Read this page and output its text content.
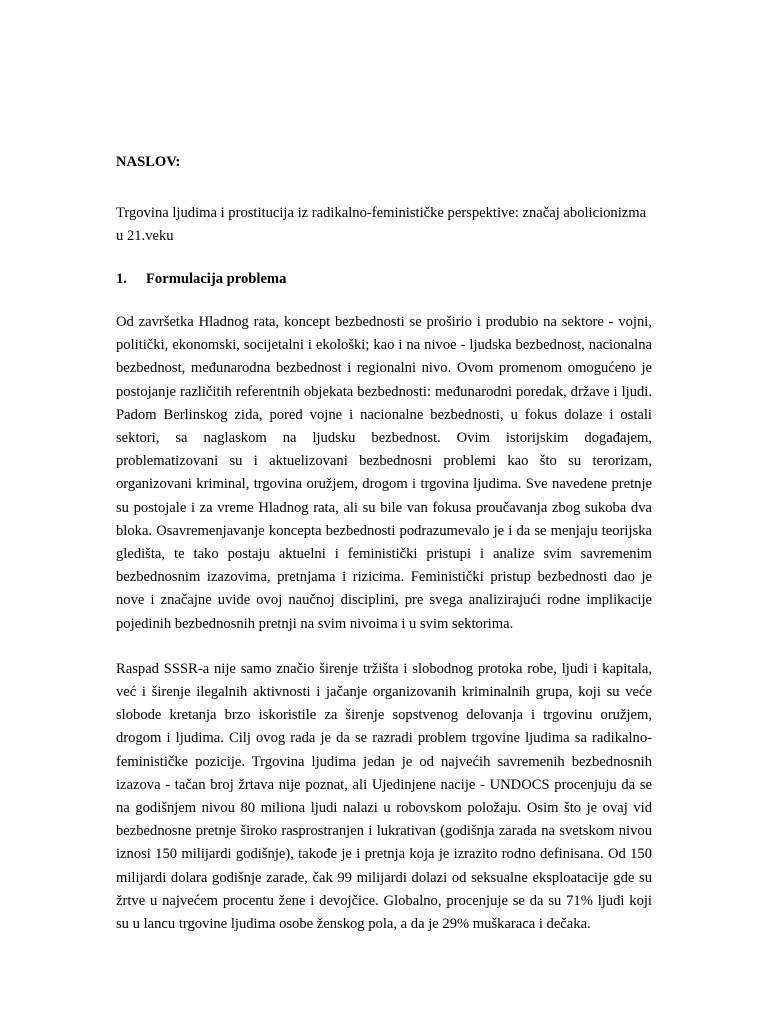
NASLOV:

Trgovina ljudima i prostitucija iz radikalno-feminističke perspektive: značaj abolicionizma u 21.veku

1.	Formulacija problema

Od završetka Hladnog rata, koncept bezbednosti se proširio i produbio na sektore - vojni, politički, ekonomski, socijetalni i ekološki; kao i na nivoe - ljudska bezbednost, nacionalna bezbednost, međunarodna bezbednost i regionalni nivo. Ovom promenom omogućeno je postojanje različitih referentnih objekata bezbednosti: međunarodni poredak, države i ljudi. Padom Berlinskog zida, pored vojne i nacionalne bezbednosti, u fokus dolaze i ostali sektori, sa naglaskom na ljudsku bezbednost. Ovim istorijskim događajem, problematizovani su i aktuelizovani bezbednosni problemi kao što su terorizam, organizovani kriminal, trgovina oružjem, drogom i trgovina ljudima. Sve navedene pretnje su postojale i za vreme Hladnog rata, ali su bile van fokusa proučavanja zbog sukoba dva bloka. Osavremenjavanje koncepta bezbednosti podrazumevalo je i da se menjaju teorijska gledišta, te tako postaju aktuelni i feministički pristupi i analize svim savremenim bezbednosnim izazovima, pretnjama i rizicima. Feministički pristup bezbednosti dao je nove i značajne uvide ovoj naučnoj disciplini, pre svega analizirajući rodne implikacije pojedinih bezbednosnih pretnji na svim nivoima i u svim sektorima.

Raspad SSSR-a nije samo značio širenje tržišta i slobodnog protoka robe, ljudi i kapitala, već i širenje ilegalnih aktivnosti i jačanje organizovanih kriminalnih grupa, koji su veće slobode kretanja brzo iskoristile za širenje sopstvenog delovanja i trgovinu oružjem, drogom i ljudima. Cilj ovog rada je da se razradi problem trgovine ljudima sa radikalno-feminističke pozicije. Trgovina ljudima jedan je od najvećih savremenih bezbednosnih izazova - tačan broj žrtava nije poznat, ali Ujedinjene nacije - UNDOCS procenjuju da se na godišnjem nivou 80 miliona ljudi nalazi u robovskom položaju. Osim što je ovaj vid bezbednosne pretnje široko rasprostranjen i lukrativan (godišnja zarada na svetskom nivou iznosi 150 milijardi godišnje), takođe je i pretnja koja je izrazito rodno definisana. Od 150 milijardi dolara godišnje zarade, čak 99 milijardi dolazi od seksualne eksploatacije gde su žrtve u najvećem procentu žene i devojčice. Globalno, procenjuje se da su 71% ljudi koji su u lancu trgovine ljudima osobe ženskog pola, a da je 29% muškaraca i dečaka.
